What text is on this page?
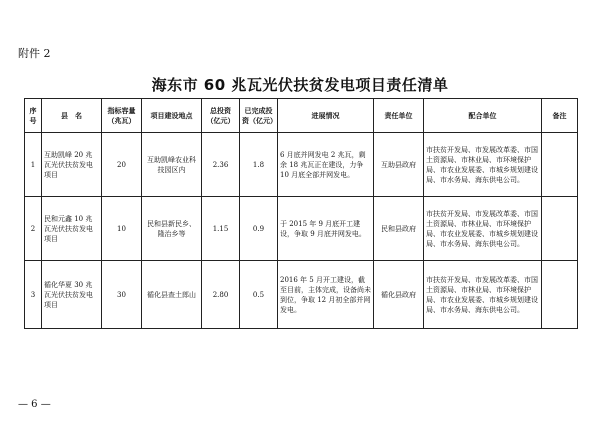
附件 2
海东市 60 兆瓦光伏扶贫发电项目责任清单
序号	县　名	指标容量（兆瓦）	项目建设地点	总投资（亿元）	已完成投资（亿元）	进展情况	责任单位	配合单位	备注
1	互助凯峰 20 兆瓦光伏扶贫发电项目	20	互助凯峰农业科技园区内	2.36	1.8	6 月底并网发电 2 兆瓦，剩余 18 兆瓦正在建设，力争 10 月底全部并网发电。	互助县政府	市扶贫开发局、市发展改革委、市国土资源局、市林业局、市环境保护局、市农业发展委、市城乡规划建设局、市水务局、海东供电公司。	
2	民和元鑫 10 兆瓦光伏扶贫发电项目	10	民和县新民乡、隆治乡等	1.15	0.9	于 2015 年 9 月底开工建设，争取 9 月底并网发电。	民和县政府	市扶贫开发局、市发展改革委、市国土资源局、市林业局、市环境保护局、市农业发展委、市城乡规划建设局、市水务局、海东供电公司。	
3	循化华夏 30 兆瓦光伏扶贫发电项目	30	循化县查土郎山	2.80	0.5	2016 年 5 月开工建设，截至目前，主体完成，设备尚未到位，争取 12 月初全部并网发电。	循化县政府	市扶贫开发局、市发展改革委、市国土资源局、市林业局、市环境保护局、市农业发展委、市城乡规划建设局、市水务局、海东供电公司。	
— 6 —
